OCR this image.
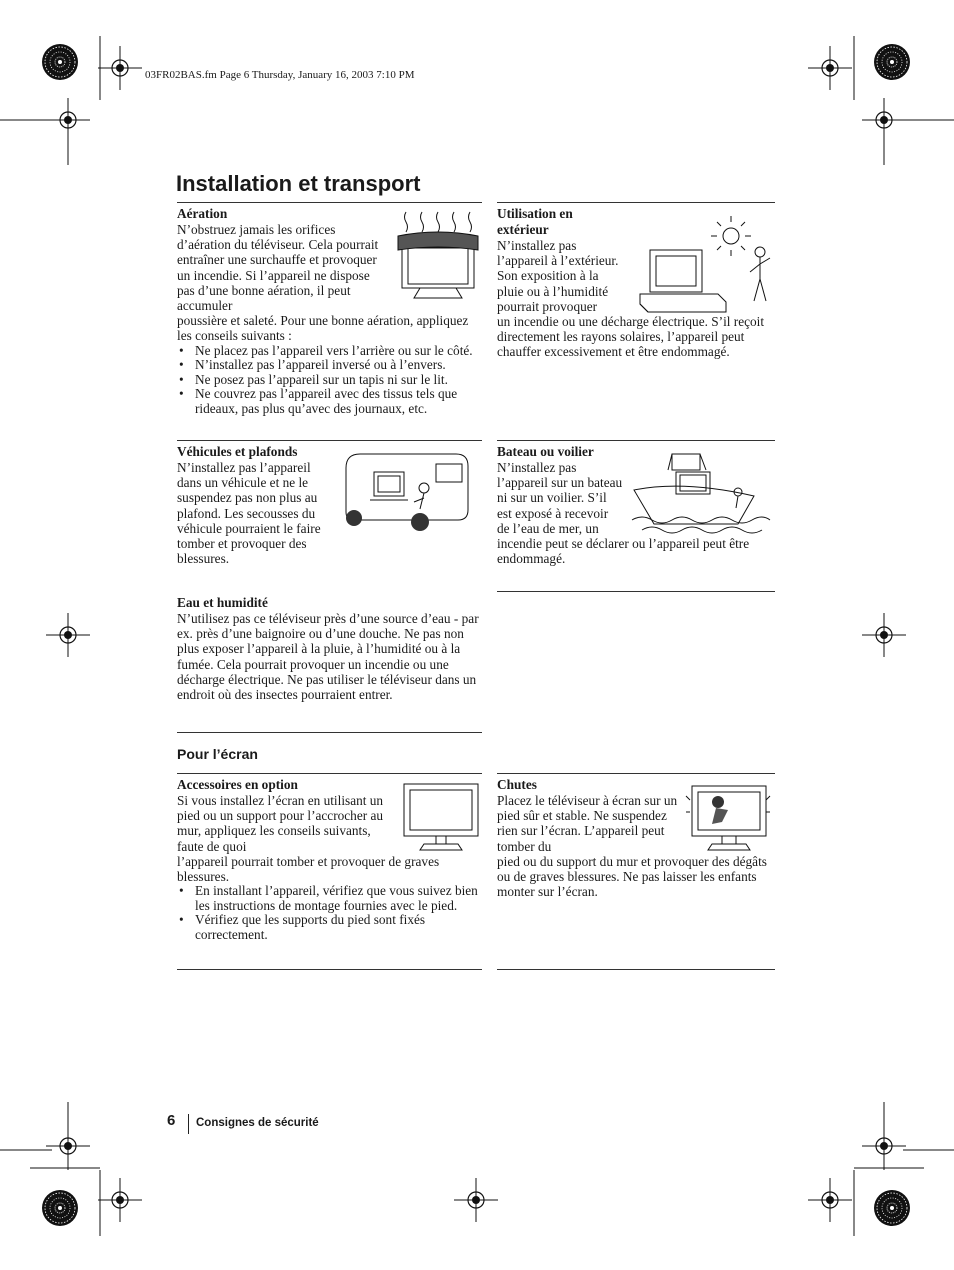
03FR02BAS.fm Page 6 Thursday, January 16, 2003 7:10 PM
Installation et transport
Aération
N’obstruez jamais les orifices d’aération du téléviseur. Cela pourrait entraîner une surchauffe et provoquer un incendie. Si l’appareil ne dispose pas d’une bonne aération, il peut accumuler
poussière et saleté. Pour une bonne aération, appliquez les conseils suivants :
• Ne placez pas l’appareil vers l’arrière ou sur le côté.
• N’installez pas l’appareil inversé ou à l’envers.
• Ne posez pas l’appareil sur un tapis ni sur le lit.
• Ne couvrez pas l’appareil avec des tissus tels que rideaux, pas plus qu’avec des journaux, etc.
Utilisation en extérieur
N’installez pas l’appareil à l’extérieur. Son exposition à la pluie ou à l’humidité pourrait provoquer
un incendie ou une décharge électrique. S’il reçoit directement les rayons solaires, l’appareil peut chauffer excessivement et être endommagé.
Véhicules et plafonds
N’installez pas l’appareil dans un véhicule et ne le suspendez pas non plus au plafond. Les secousses du véhicule pourraient le faire tomber et provoquer des blessures.
Bateau ou voilier
N’installez pas l’appareil sur un bateau ni sur un voilier. S’il est exposé à recevoir de l’eau de mer, un
incendie peut se déclarer ou l’appareil peut être endommagé.
Eau et humidité
N’utilisez pas ce téléviseur près d’une source d’eau - par ex. près d’une baignoire ou d’une douche. Ne pas non plus exposer l’appareil à la pluie, à l’humidité ou à la fumée. Cela pourrait provoquer un incendie ou une décharge électrique. Ne pas utiliser le téléviseur dans un endroit où des insectes pourraient entrer.
Pour l’écran
Accessoires en option
Si vous installez l’écran en utilisant un pied ou un support pour l’accrocher au mur, appliquez les conseils suivants, faute de quoi
l’appareil pourrait tomber et provoquer de graves blessures.
• En installant l’appareil, vérifiez que vous suivez bien les instructions de montage fournies avec le pied.
• Vérifiez que les supports du pied sont fixés correctement.
Chutes
Placez le téléviseur à écran sur un pied sûr et stable. Ne suspendez rien sur l’écran. L’appareil peut tomber du
pied ou du support du mur et provoquer des dégâts ou de graves blessures. Ne pas laisser les enfants monter sur l’écran.
6 Consignes de sécurité
